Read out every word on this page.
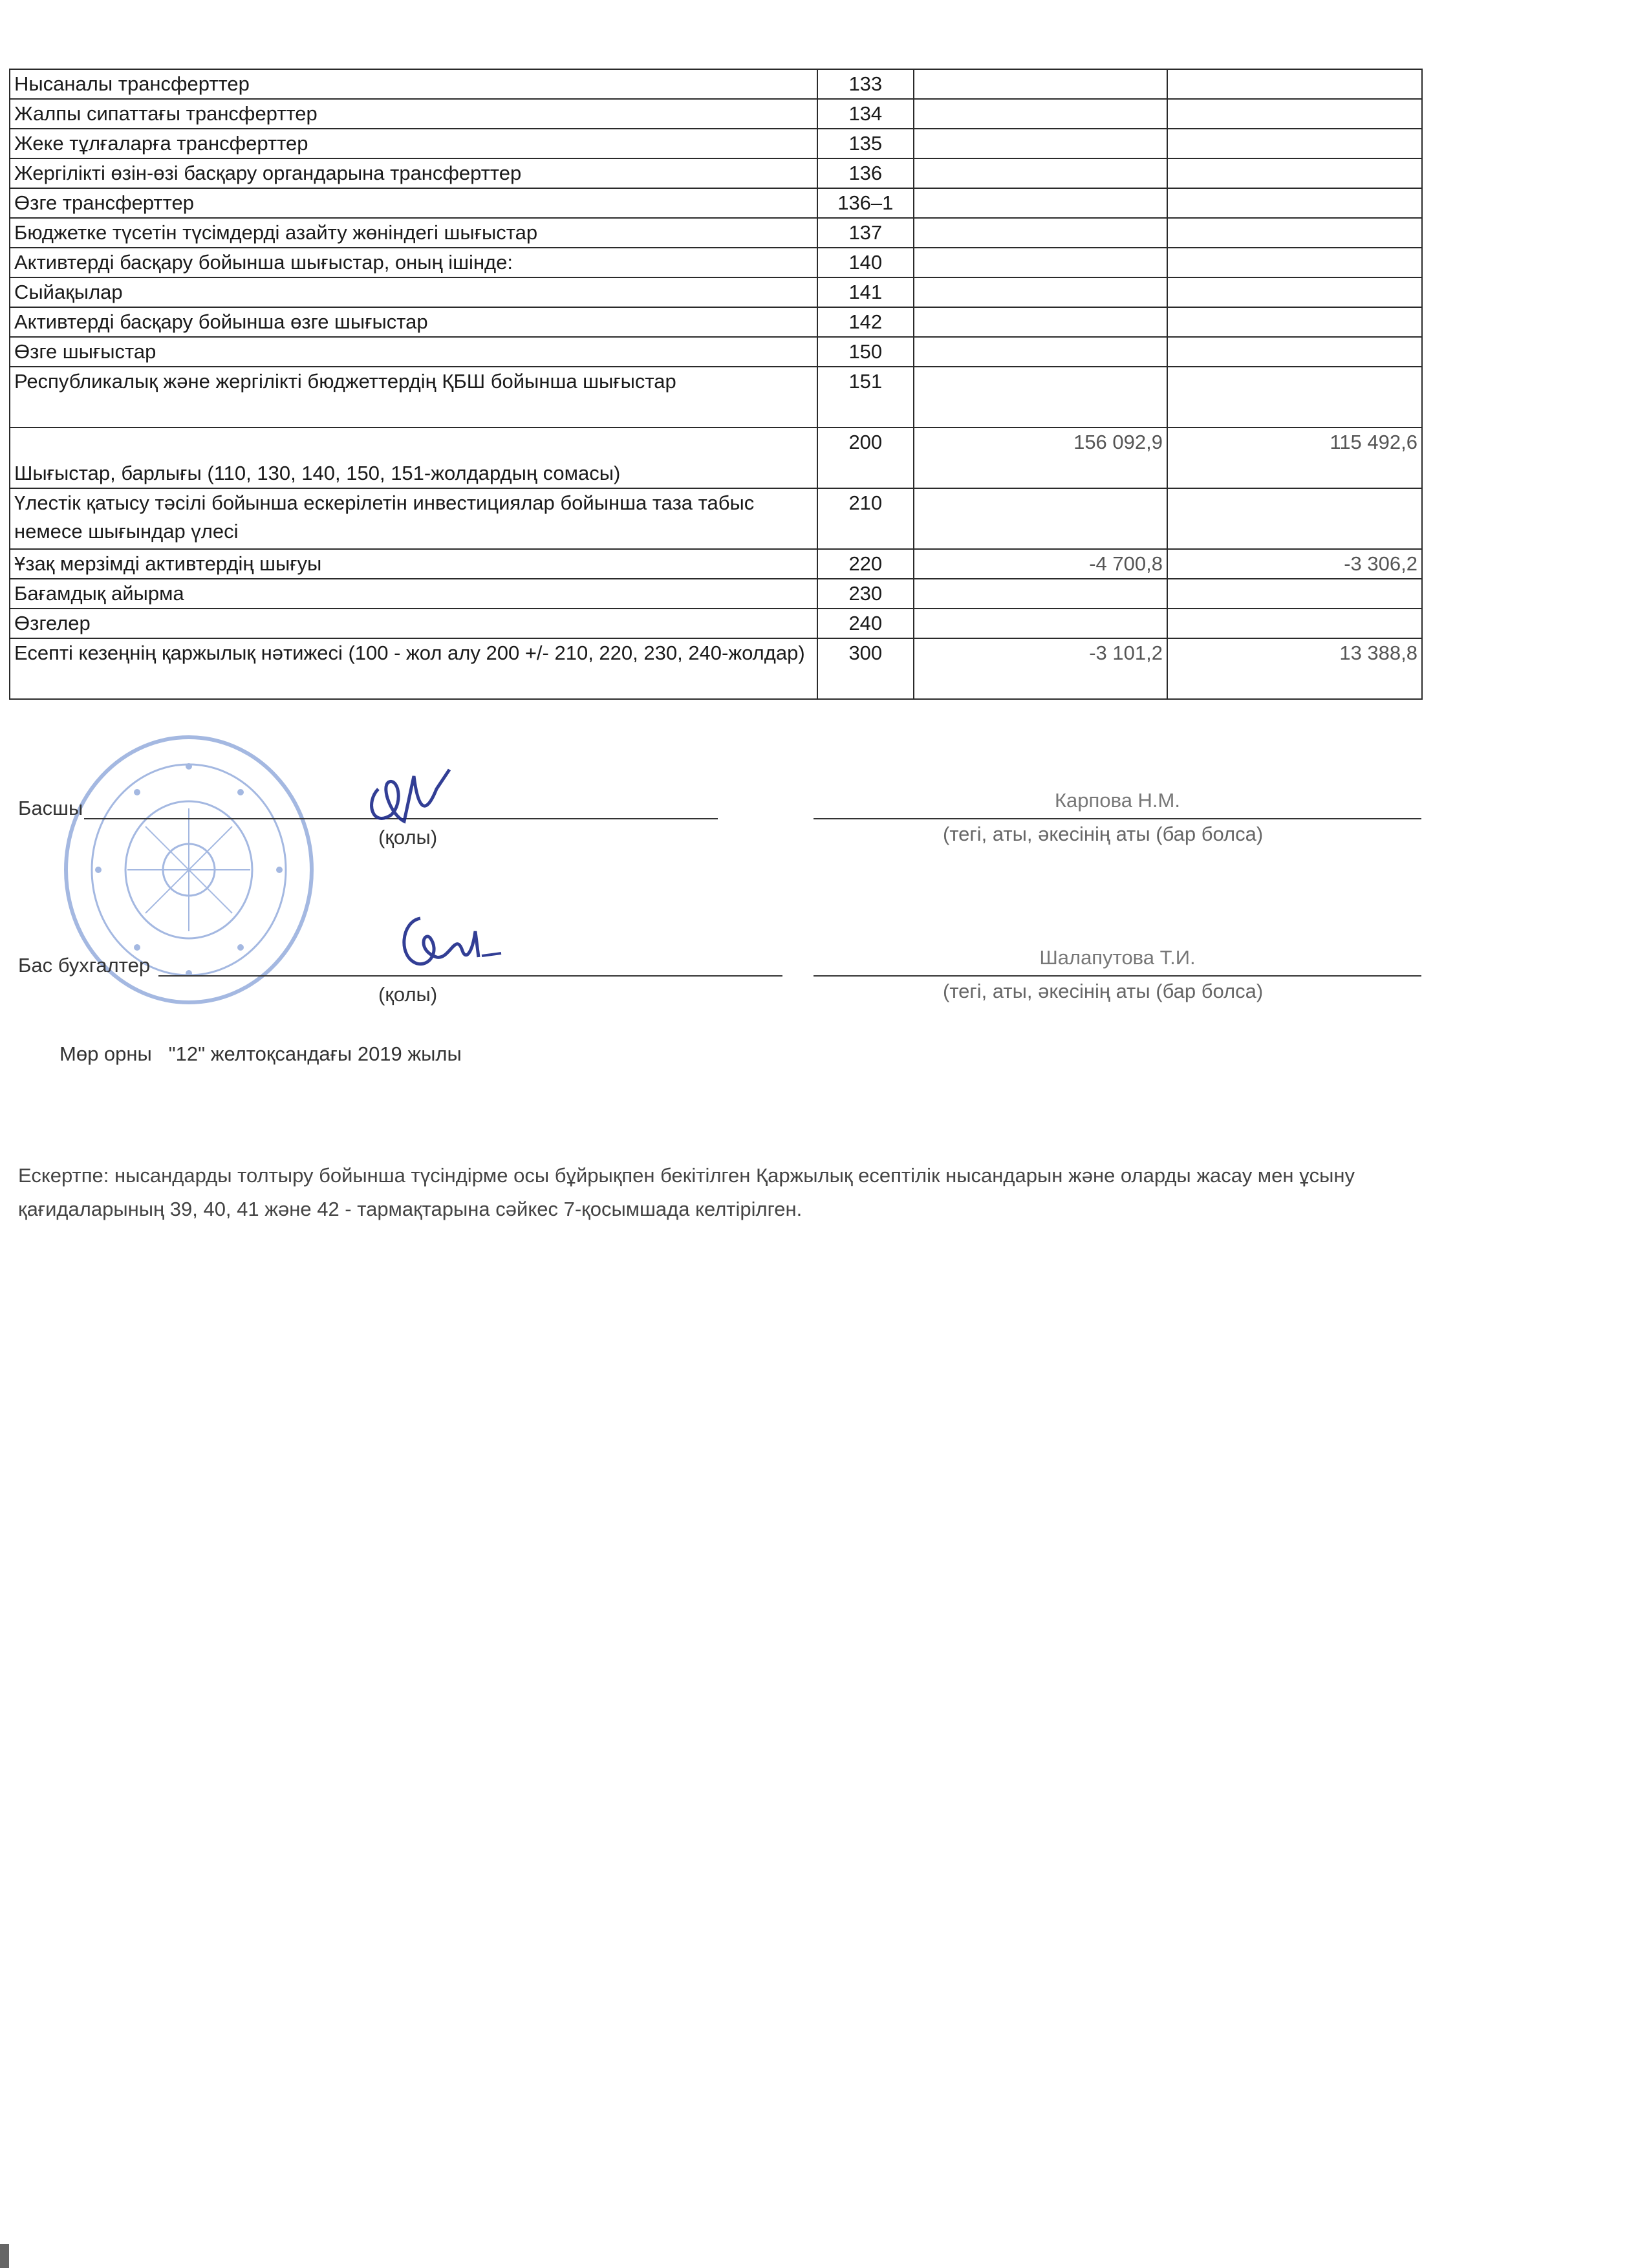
Нысаналы трансферттер	133		
Жалпы сипаттағы трансферттер	134		
Жеке тұлғаларға трансферттер	135		
Жергілікті өзін-өзі басқару органдарына трансферттер	136		
Өзге трансферттер	136–1		
Бюджетке түсетін түсімдерді азайту жөніндегі шығыстар	137		
Активтерді басқару бойынша шығыстар, оның ішінде:	140		
Сыйақылар	141		
Активтерді басқару бойынша өзге шығыстар	142		
Өзге шығыстар	150		
Республикалық және жергілікті бюджеттердің ҚБШ бойынша шығыстар	151		
Шығыстар, барлығы (110, 130, 140, 150, 151-жолдардың сомасы)	200	156 092,9	115 492,6
Үлестік қатысу тәсілі бойынша ескерілетін инвестициялар бойынша таза табыс немесе шығындар үлесі	210		
Ұзақ мерзімді активтердің шығуы	220	-4 700,8	-3 306,2
Бағамдық айырма	230		
Өзгелер	240		
Есепті кезеңнің қаржылық нәтижесі (100 - жол алу 200 +/- 210, 220, 230, 240-жолдар)	300	-3 101,2	13 388,8
Басшы
(қолы)
Карпова Н.М.
(тегі, аты, әкесінің аты (бар болса)
Бас бухгалтер
(қолы)
Шалапутова Т.И.
(тегі, аты, әкесінің аты (бар болса)
Мөр орны   "12" желтоқсандағы 2019 жылы
Ескертпе: нысандарды толтыру бойынша түсіндірме осы бұйрықпен бекітілген Қаржылық есептілік нысандарын және оларды жасау мен ұсыну қағидаларының 39, 40, 41 және 42 - тармақтарына сәйкес 7-қосымшада келтірілген.
